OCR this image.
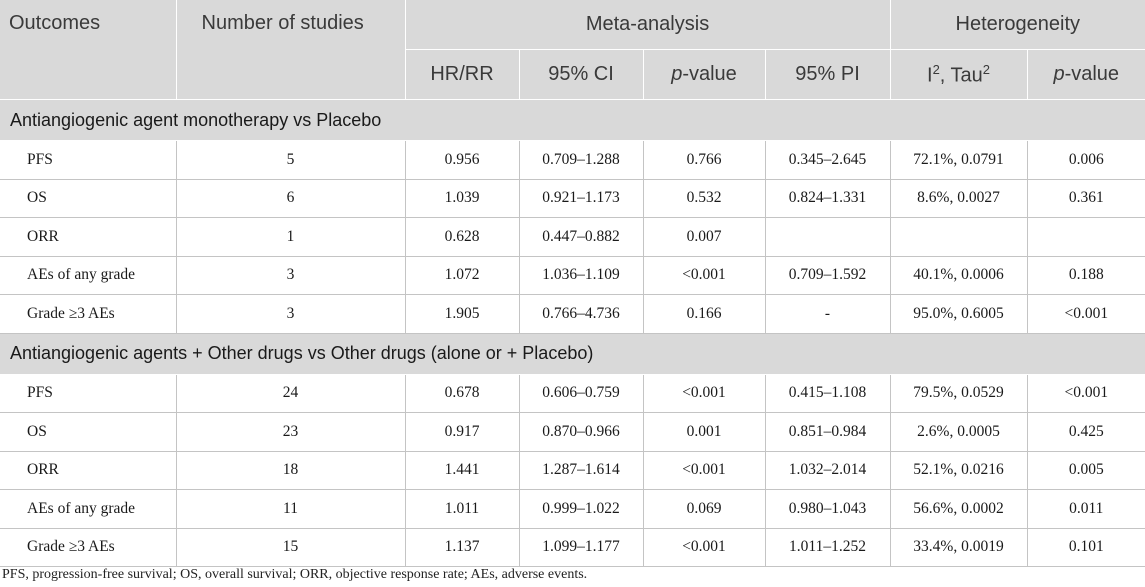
Outcomes	Number of studies	Meta-analysis				Heterogeneity	
		HR/RR	95% CI	p-value	95% PI	$I^2$, Tau$^2$	p-value
Antiangiogenic agent monotherapy vs Placebo							
PFS	5	0.956	0.709–1.288	0.766	0.345–2.645	72.1%, 0.0791	0.006
OS	6	1.039	0.921–1.173	0.532	0.824–1.331	8.6%, 0.0027	0.361
ORR	1	0.628	0.447–0.882	0.007			
AEs of any grade	3	1.072	1.036–1.109	<0.001	0.709–1.592	40.1%, 0.0006	0.188
Grade ≥3 AEs	3	1.905	0.766–4.736	0.166	-	95.0%, 0.6005	<0.001
Antiangiogenic agents + Other drugs vs Other drugs (alone or + Placebo)							
PFS	24	0.678	0.606–0.759	<0.001	0.415–1.108	79.5%, 0.0529	<0.001
OS	23	0.917	0.870–0.966	0.001	0.851–0.984	2.6%, 0.0005	0.425
ORR	18	1.441	1.287–1.614	<0.001	1.032–2.014	52.1%, 0.0216	0.005
AEs of any grade	11	1.011	0.999–1.022	0.069	0.980–1.043	56.6%, 0.0002	0.011
Grade ≥3 AEs	15	1.137	1.099–1.177	<0.001	1.011–1.252	33.4%, 0.0019	0.101
PFS, progression-free survival; OS, overall survival; ORR, objective response rate; AEs, adverse events.
